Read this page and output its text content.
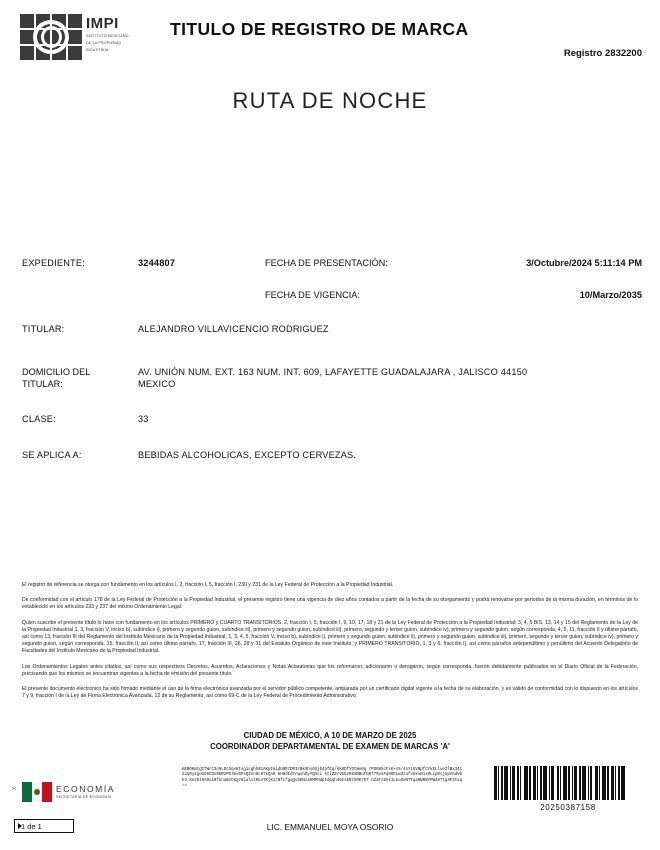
IMPI
INSTITUTO MEXICANO
DE LA PROPIEDAD
INDUSTRIAL
TITULO DE REGISTRO DE MARCA
Registro 2832200
RUTA DE NOCHE
EXPEDIENTE:	3244807	FECHA DE PRESENTACIÓN:	3/Octubre/2024 5:11:14 PM
FECHA DE VIGENCIA:	10/Marzo/2035
TITULAR:	ALEJANDRO VILLAVICENCIO RODRIGUEZ
DOMICILIO DEL
TITULAR:
AV. UNIÓN NUM. EXT. 163 NUM. INT. 609, LAFAYETTE GUADALAJARA , JALISCO 44150
MEXICO
CLASE:	33
SE APLICA A:	BEBIDAS ALCOHOLICAS, EXCEPTO CERVEZAS.

El registro de referencia se otorga con fundamento en los artículos I, 2, fracción I, 5, fracción I, 230 y 231 de la Ley Federal de Protección a la Propiedad Industrial.

De conformidad con el artículo 178 de la Ley Federal de Protección a la Propiedad Industrial, el presente registro tiene una vigencia de diez años contados a partir de la fecha de su otorgamiento y podrá renovarse por periodos de la misma duración, en términos de lo establecido en los artículos 233 y 237 del mismo Ordenamiento Legal.

Quien suscribe el presente título lo hace con fundamento en los artículos PRIMERO y CUARTO TRANSITORIOS, 2, fracción I, 5, fracción I, 9, 10, 17, 18 y 21 de la Ley Federal de Protección a la Propiedad Industrial; 3, 4, 5 BIS, 13, 14 y 15 del Reglamento de la Ley de la Propiedad Industrial 1, 3, fracción V, inciso b), subíndice i), primero y segundo guion, subíndice iii), primero y segundo guion, subíndice iii), primero, segundo y tercer guion, subíndice iv), primero y segundo guion, según corresponda, 4, 5, 11, fracción II y último párrafo, así como 13, fracción III del Reglamento del Instituto Mexicano de la Propiedad Industrial; 1, 3, 4, 5, fracción V, inciso b), subíndice i), primero y segundo guion, subíndice ii), primero y segundo guion, subíndice iii), primero, segundo y tercer guion, subíndice iv), primero y segundo guion, según corresponda, 15, fracción II, así como último párrafo, 17, fracción III, 26, 28 y 31 del Estatuto Orgánico de este Instituto; y PRIMERO TRANSITORIO, 1, 3 y 6, fracción I), así como párrafos antepenúltimo y penúltimo del Acuerdo Delegatorio de Facultades del Instituto Mexicano de la Propiedad Industrial.

Los Ordenamientos Legales antes citados, así como sus respectivos Decretos, Acuerdos, Aclaraciones y Notas Aclaratorias que los reformaron, adicionaron o derogaron, según corresponda, fueron debidamente publicados en el Diario Oficial de la Federación, precisando que los mismos se encuentran vigentes a la fecha de emisión del presente título.

El presente documento electrónico ha sido firmado mediante el uso de la firma electrónica avanzada por el servidor público competente, amparada por un certificado digital vigente a la fecha de su elaboración, y es válido de conformidad con lo dispuesto en los artículos 7 y 9, fracción I de la Ley de Firma Electrónica Avanzada, 12 de su Reglamento, así como 69-C de la Ley Federal de Procedimiento Administrativo.

CIUDAD DE MÉXICO, A 10 DE MARZO DE 2025
COORDINADOR DEPARTAMENTAL DE EXAMEN DE MARCAS 'A'
ECONOMÍA
SECRETARÍA DE ECONOMÍA
HEBOKmIgITWrC3o5LDcSqv8tsgiLghh01AKptmidU9PzDRIcBk5hsGGjb4pfEq/kK8DfYDtWe0q rPD685cFsK+c5/4oY18VNpfCYkELlue2lBx34122qRy1goG68CDv6DR2PC7mvGPsQZsn0c5tkQn0 mH0dEdYrwshZyYQAci stiZZrvGbzRZdBBufDKf79v1Fq0OCLw3zufx5kvB1x9LLpDcjXpXGdVbk3 Xe25t5A6oi0fknuBzCKgzNlalxtKkvTKjK1rBfcfgqQvbDNca0MPHdpIdGqh46IsERzkMK7OT nZaFzZnk1LkuSeNTTqaMWRWYPW30TtgXFStvq==
20250387158
LIC. EMMANUEL MOYA OSORIO
X
1 de 1
